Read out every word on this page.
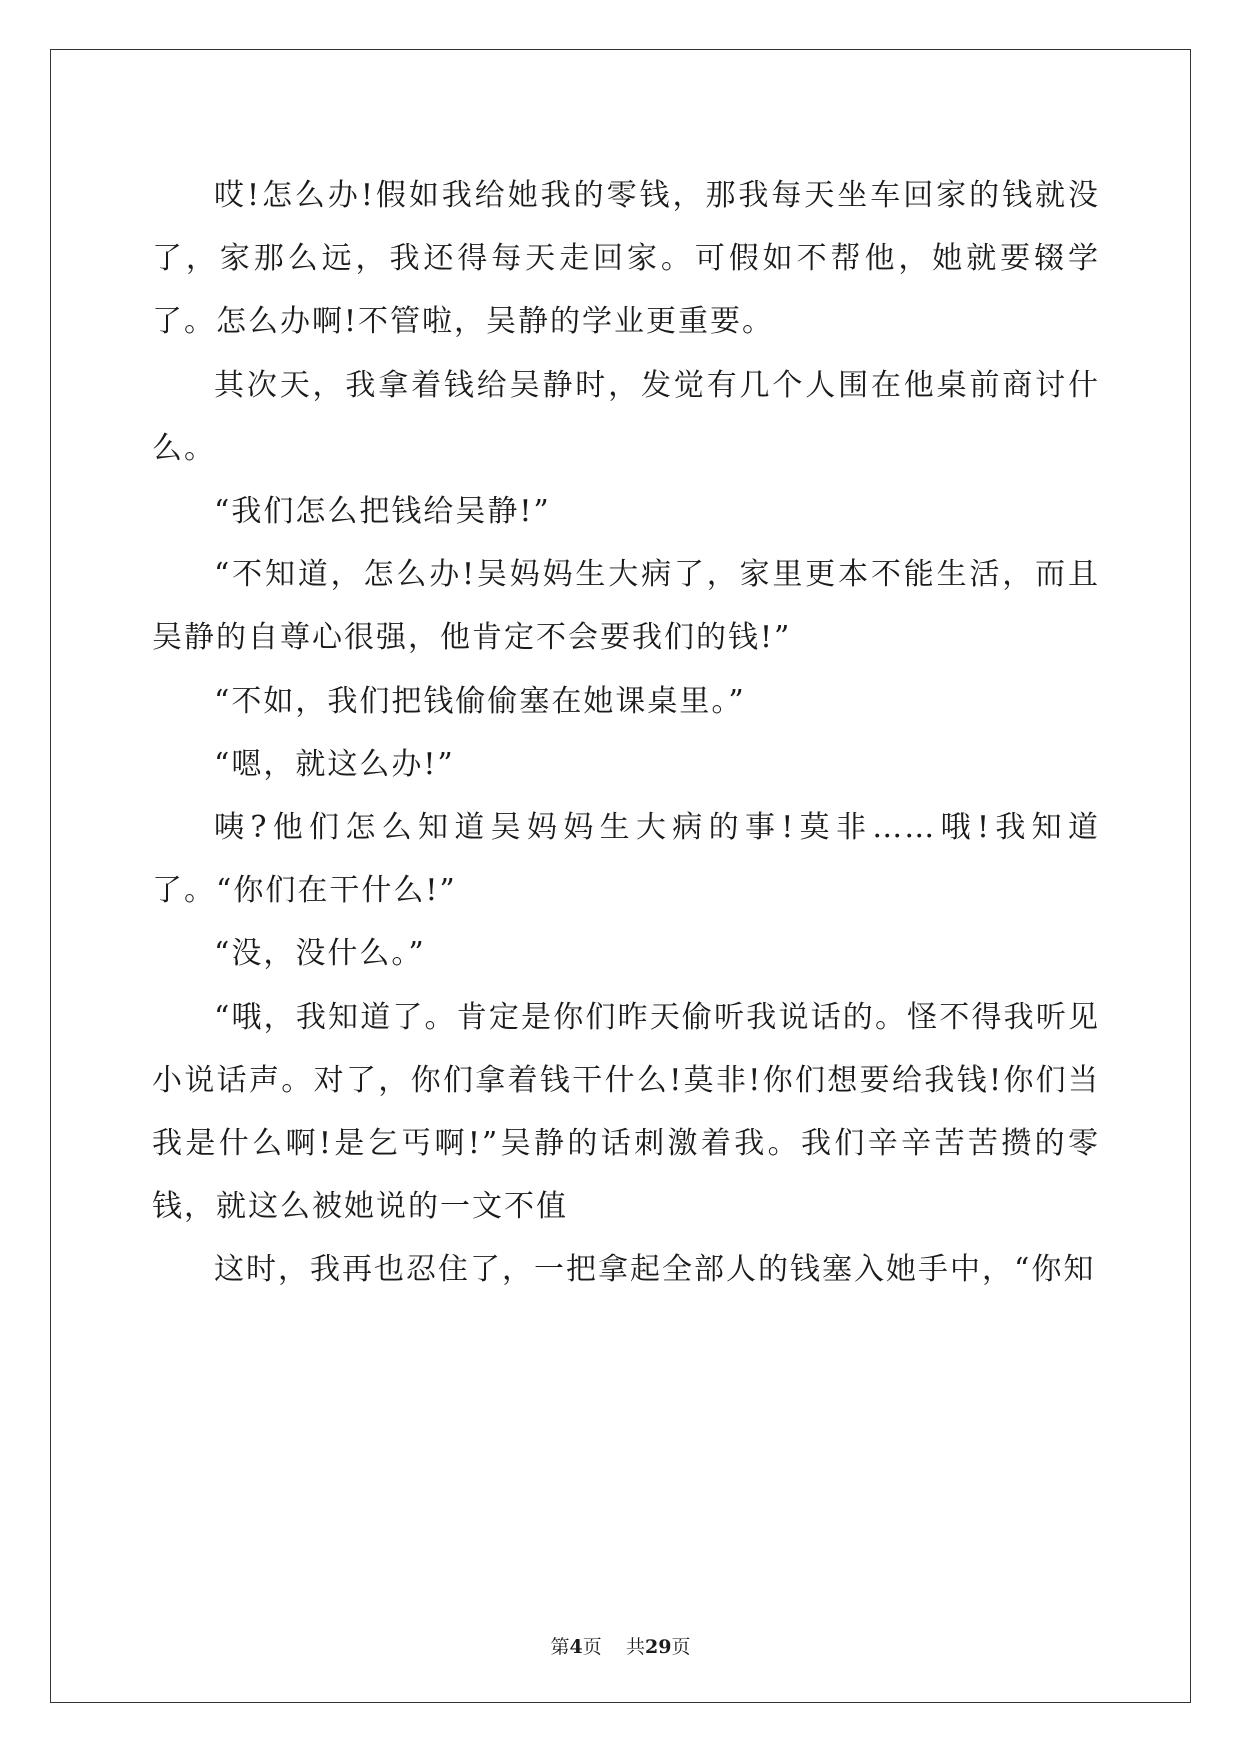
哎!怎么办!假如我给她我的零钱，那我每天坐车回家的钱就没了，家那么远，我还得每天走回家。可假如不帮他，她就要辍学了。怎么办啊!不管啦，吴静的学业更重要。

其次天，我拿着钱给吴静时，发觉有几个人围在他桌前商讨什么。

“我们怎么把钱给吴静!”

“不知道，怎么办!吴妈妈生大病了，家里更本不能生活，而且吴静的自尊心很强，他肯定不会要我们的钱!”

“不如，我们把钱偷偷塞在她课桌里。”

“嗯，就这么办!”

咦?他们怎么知道吴妈妈生大病的事!莫非……哦!我知道了。“你们在干什么!”

“没，没什么。”

“哦，我知道了。肯定是你们昨天偷听我说话的。怪不得我听见小说话声。对了，你们拿着钱干什么!莫非!你们想要给我钱!你们当我是什么啊!是乞丐啊!”吴静的话刺激着我。我们辛辛苦苦攒的零钱，就这么被她说的一文不值

这时，我再也忍住了，一把拿起全部人的钱塞入她手中，“你知

第4页 共29页
